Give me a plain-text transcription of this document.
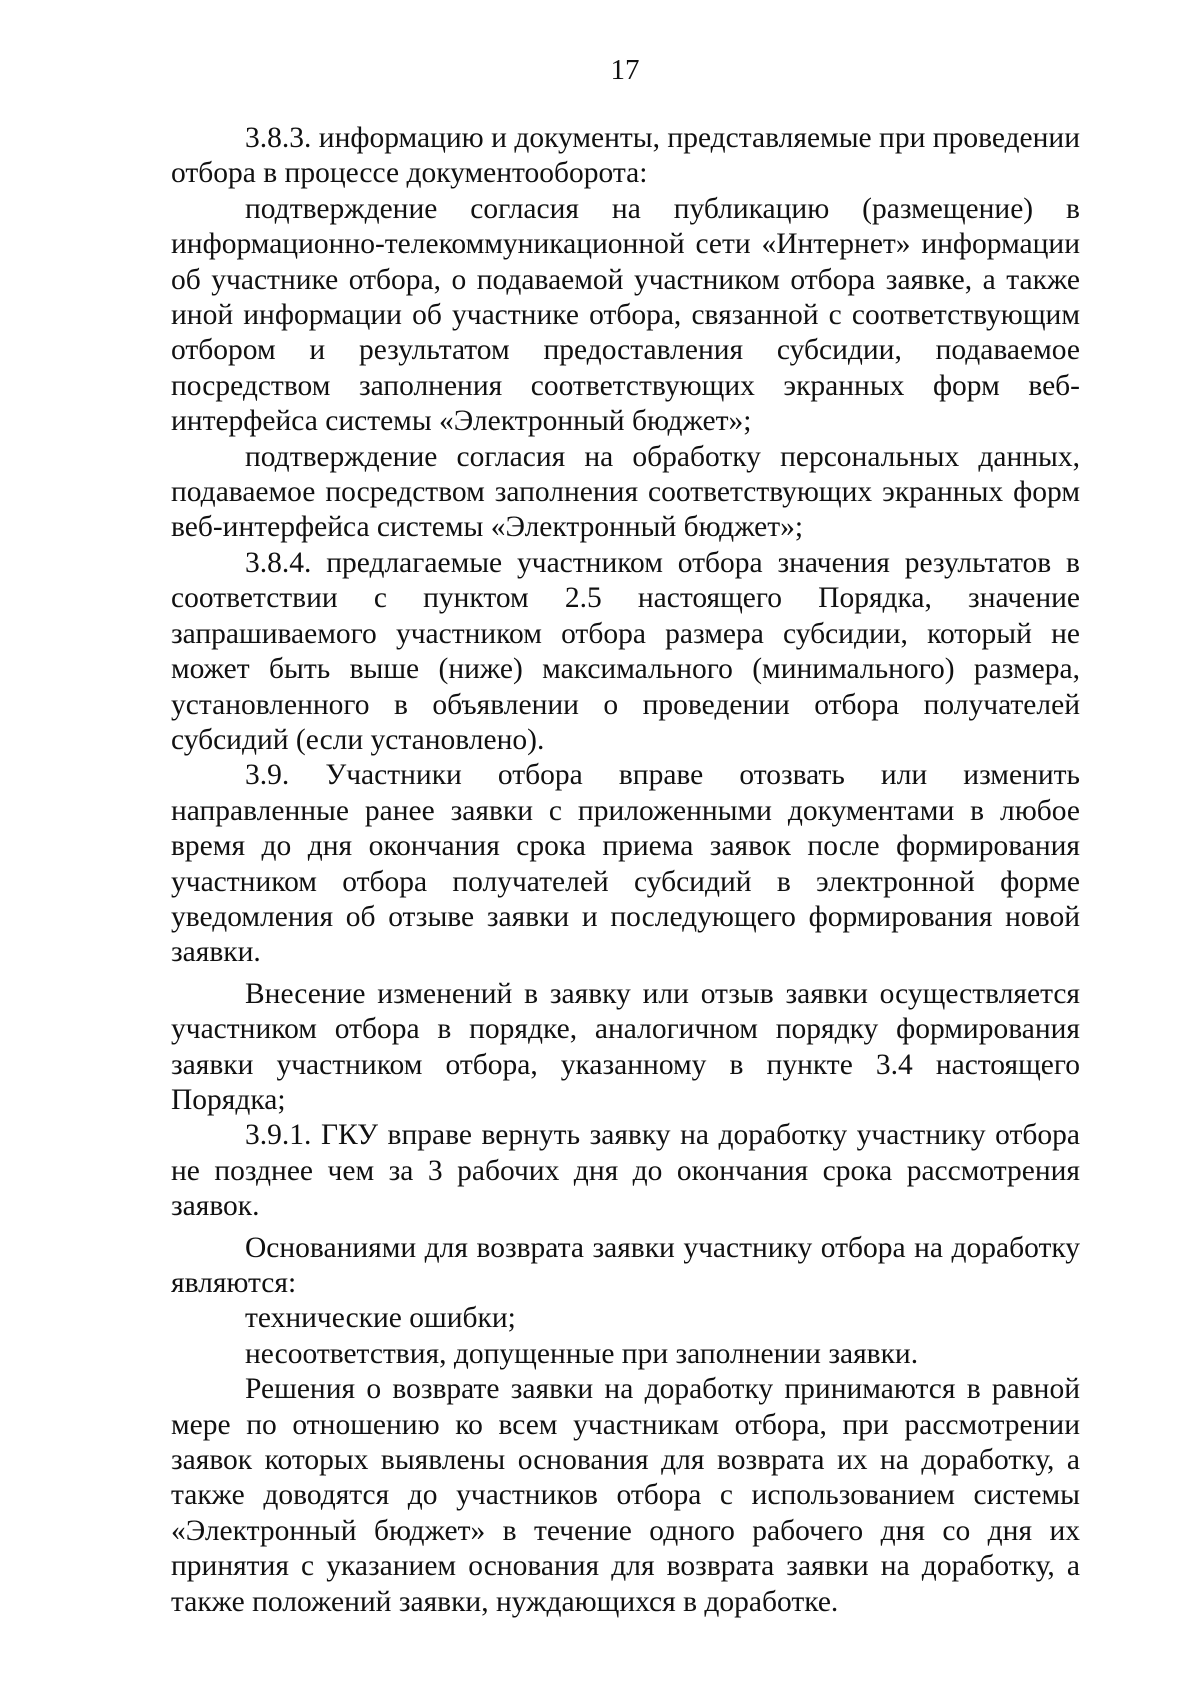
17

3.8.3. информацию и документы, представляемые при проведении отбора в процессе документооборота:

подтверждение согласия на публикацию (размещение) в информационно-телекоммуникационной сети «Интернет» информации об участнике отбора, о подаваемой участником отбора заявке, а также иной информации об участнике отбора, связанной с соответствующим отбором и результатом предоставления субсидии, подаваемое посредством заполнения соответствующих экранных форм веб-интерфейса системы «Электронный бюджет»;

подтверждение согласия на обработку персональных данных, подаваемое посредством заполнения соответствующих экранных форм веб-интерфейса системы «Электронный бюджет»;

3.8.4. предлагаемые участником отбора значения результатов в соответствии с пунктом 2.5 настоящего Порядка, значение запрашиваемого участником отбора размера субсидии, который не может быть выше (ниже) максимального (минимального) размера, установленного в объявлении о проведении отбора получателей субсидий (если установлено).

3.9. Участники отбора вправе отозвать или изменить направленные ранее заявки с приложенными документами в любое время до дня окончания срока приема заявок после формирования участником отбора получателей субсидий в электронной форме уведомления об отзыве заявки и последующего формирования новой заявки.

Внесение изменений в заявку или отзыв заявки осуществляется участником отбора в порядке, аналогичном порядку формирования заявки участником отбора, указанному в пункте 3.4 настоящего Порядка;

3.9.1. ГКУ вправе вернуть заявку на доработку участнику отбора не позднее чем за 3 рабочих дня до окончания срока рассмотрения заявок.

Основаниями для возврата заявки участнику отбора на доработку являются:

технические ошибки;

несоответствия, допущенные при заполнении заявки.

Решения о возврате заявки на доработку принимаются в равной мере по отношению ко всем участникам отбора, при рассмотрении заявок которых выявлены основания для возврата их на доработку, а также доводятся до участников отбора с использованием системы «Электронный бюджет» в течение одного рабочего дня со дня их принятия с указанием основания для возврата заявки на доработку, а также положений заявки, нуждающихся в доработке.
